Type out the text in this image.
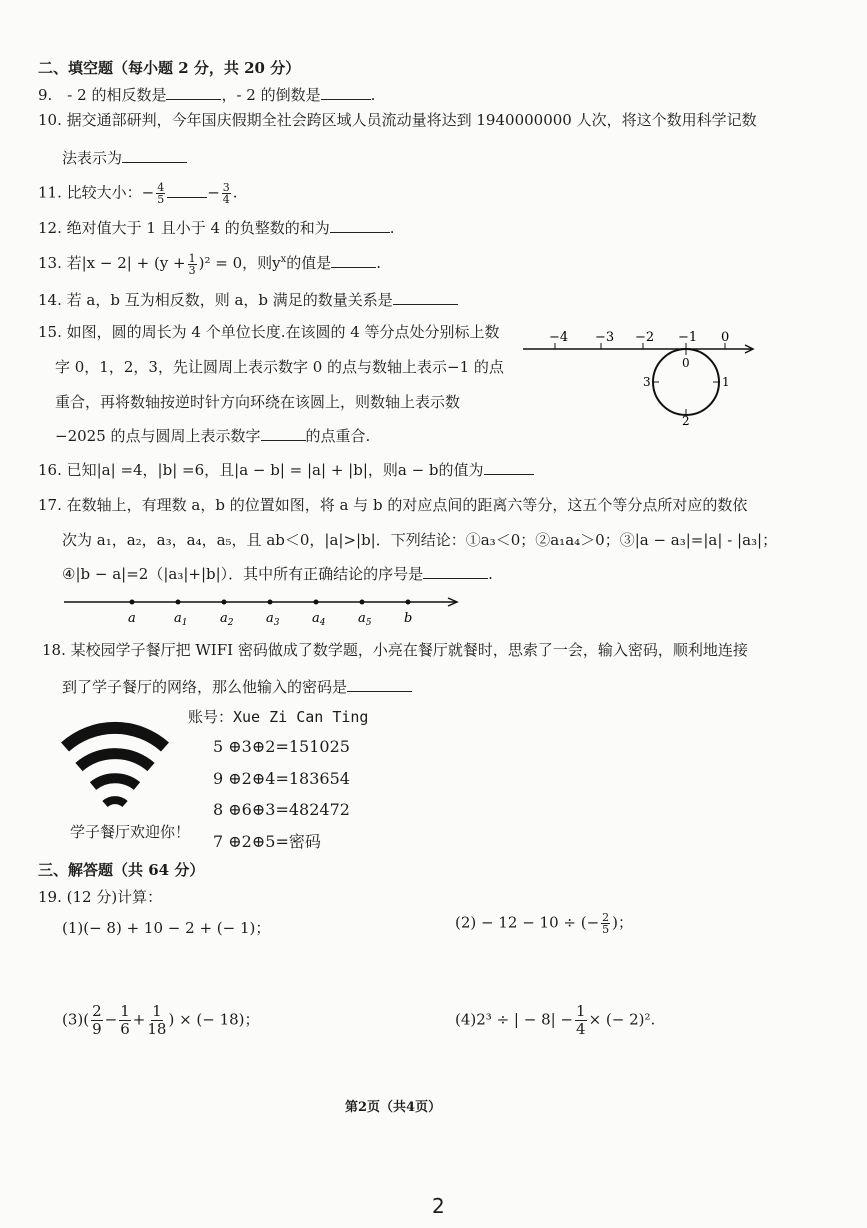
二、填空题（每小题 2 分，共 20 分）
9.　- 2 的相反数是	，- 2 的倒数是	.
10. 据交通部研判，今年国庆假期全社会跨区域人员流动量将达到 1940000000 人次，将这个数用科学记数
法表示为
11. 比较大小：− $\frac{4}{5}$	− $\frac{3}{4}$ .
12. 绝对值大于 1 且小于 4 的负整数的和为	.
13. 若$|x - 2| + (y + \frac{1}{3} )^2 = 0$，则$y^x$的值是	.
14. 若 a，b 互为相反数，则 a，b 满足的数量关系是
15. 如图，圆的周长为 4 个单位长度.在该圆的 4 等分点处分别标上数
字 0，1，2，3，先让圆周上表示数字 0 的点与数轴上表示−1 的点
重合，再将数轴按逆时针方向环绕在该圆上，则数轴上表示数
−2025 的点与圆周上表示数字	的点重合.
−4 −3 −2 −1 0
0
1
2
3
16. 已知|a| =4，|b| =6，且|a − b| = |a| + |b|，则a − b的值为
17. 在数轴上，有理数 a，b 的位置如图，将 a 与 b 的对应点间的距离六等分，这五个等分点所对应的数依
次为 a₁，a₂，a₃，a₄，a₅，且 ab＜0，|a|>|b|．下列结论：①a₃＜0；②a₁a₄＞0；③|a − a₃|=|a| - |a₃|；
④|b − a|=2（|a₃|+|b|）．其中所有正确结论的序号是	.
a	$a_1$	$a_2$	$a_3$	$a_4$	$a_5$	b
18. 某校园学子餐厅把 WIFI 密码做成了数学题，小亮在餐厅就餐时，思索了一会，输入密码，顺利地连接
到了学子餐厅的网络，那么他输入的密码是
学子餐厅欢迎你！
账号：Xue Zi Can Ting
5 ⊕3⊕2=151025
9 ⊕2⊕4=183654
8 ⊕6⊕3=482472
7 ⊕2⊕5=密码
三、解答题（共 64 分）
19. (12 分)计算：
(1)(− 8) + 10 − 2 + (− 1)；	(2) − 12 − 10 ÷ (− $\frac{2}{5}$ )；
$(3)( \frac{2}{9} - \frac{1}{6} + \frac{1}{18}$ ) × (− 18)；	(4)2³ ÷ | − $8| - \frac{1}{4}$ × (− 2)².
第2页（共4页）
2
